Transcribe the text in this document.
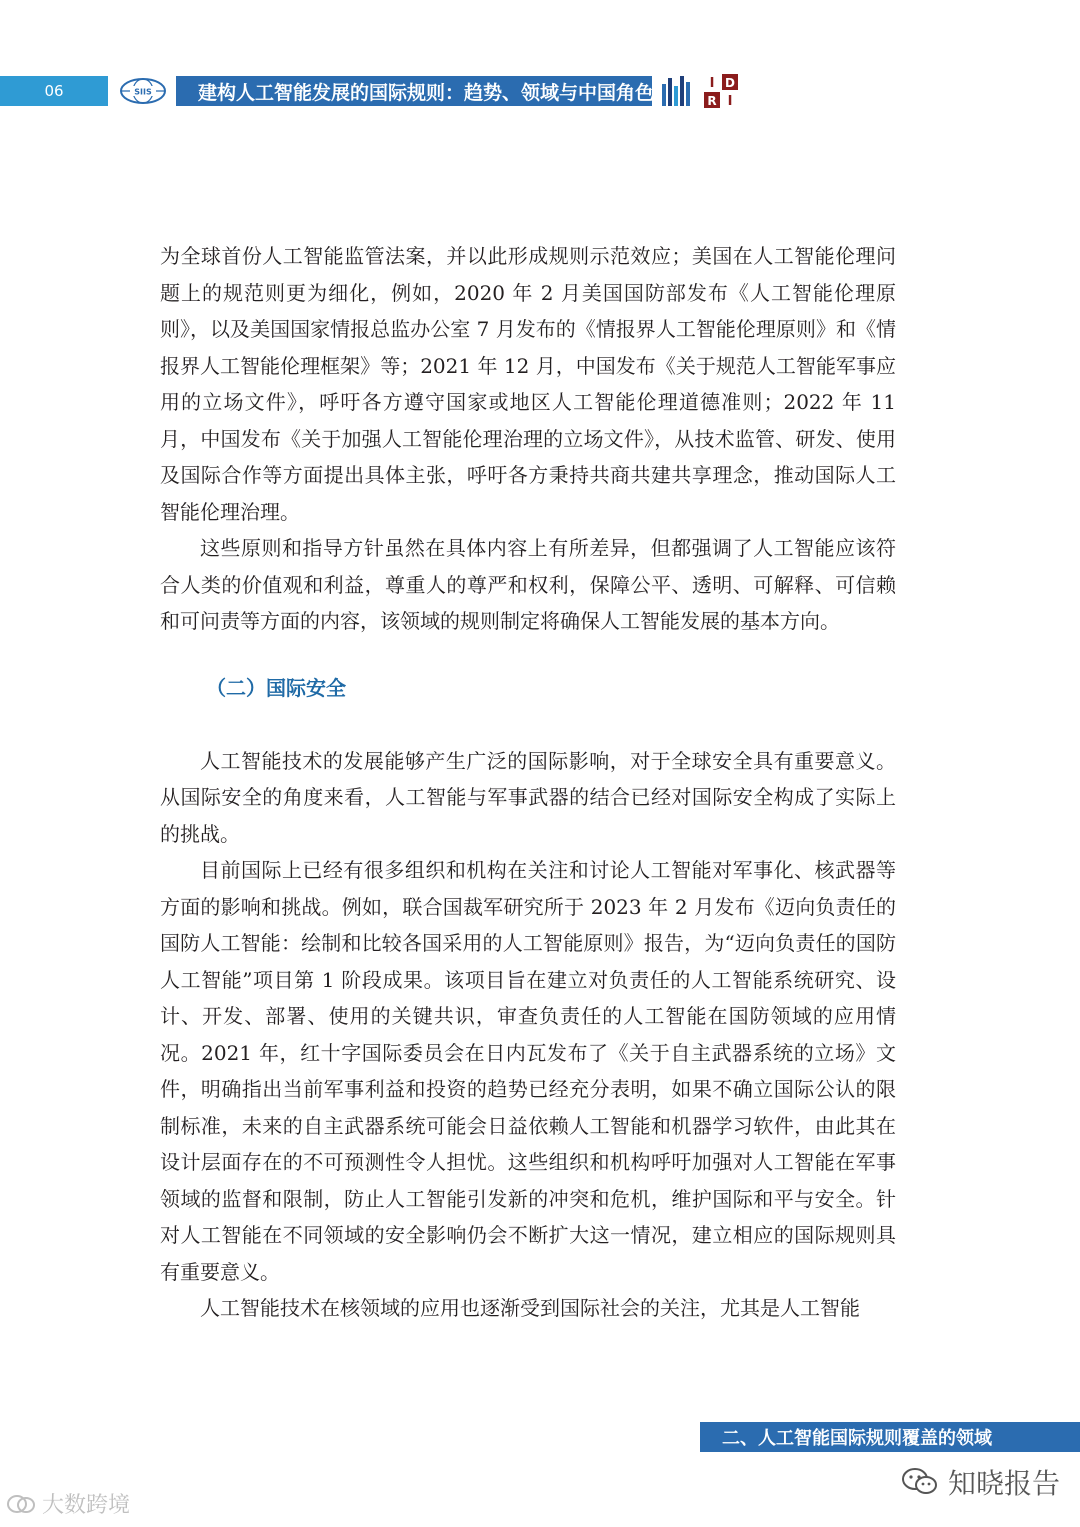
06	SIIS	建构人工智能发展的国际规则：趋势、领域与中国角色	I D
R I

为全球首份人工智能监管法案，并以此形成规则示范效应；美国在人工智能伦理问题上的规范则更为细化，例如，2020 年 2 月美国国防部发布《人工智能伦理原则》，以及美国国家情报总监办公室 7 月发布的《情报界人工智能伦理原则》和《情报界人工智能伦理框架》等；2021 年 12 月，中国发布《关于规范人工智能军事应用的立场文件》，呼吁各方遵守国家或地区人工智能伦理道德准则；2022 年 11 月，中国发布《关于加强人工智能伦理治理的立场文件》，从技术监管、研发、使用及国际合作等方面提出具体主张，呼吁各方秉持共商共建共享理念，推动国际人工智能伦理治理。

这些原则和指导方针虽然在具体内容上有所差异，但都强调了人工智能应该符合人类的价值观和利益，尊重人的尊严和权利，保障公平、透明、可解释、可信赖和可问责等方面的内容，该领域的规则制定将确保人工智能发展的基本方向。

（二）国际安全

人工智能技术的发展能够产生广泛的国际影响，对于全球安全具有重要意义。从国际安全的角度来看，人工智能与军事武器的结合已经对国际安全构成了实际上的挑战。

目前国际上已经有很多组织和机构在关注和讨论人工智能对军事化、核武器等方面的影响和挑战。例如，联合国裁军研究所于 2023 年 2 月发布《迈向负责任的国防人工智能：绘制和比较各国采用的人工智能原则》报告，为“迈向负责任的国防人工智能”项目第 1 阶段成果。该项目旨在建立对负责任的人工智能系统研究、设计、开发、部署、使用的关键共识，审查负责任的人工智能在国防领域的应用情况。2021 年，红十字国际委员会在日内瓦发布了《关于自主武器系统的立场》文件，明确指出当前军事利益和投资的趋势已经充分表明，如果不确立国际公认的限制标准，未来的自主武器系统可能会日益依赖人工智能和机器学习软件，由此其在设计层面存在的不可预测性令人担忧。这些组织和机构呼吁加强对人工智能在军事领域的监督和限制，防止人工智能引发新的冲突和危机，维护国际和平与安全。针对人工智能在不同领域的安全影响仍会不断扩大这一情况，建立相应的国际规则具有重要意义。

人工智能技术在核领域的应用也逐渐受到国际社会的关注，尤其是人工智能

二、人工智能国际规则覆盖的领域
大数跨境
知晓报告
